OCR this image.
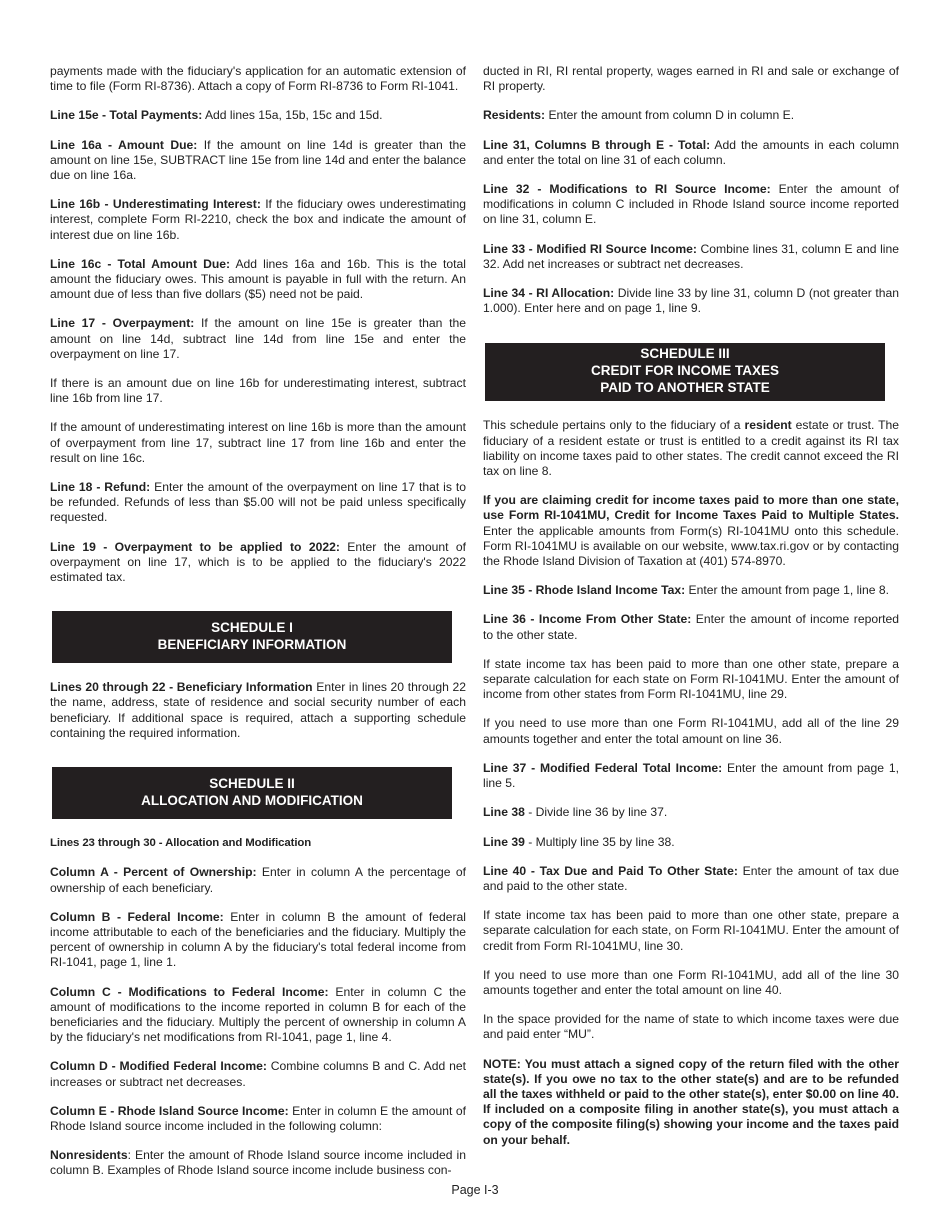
payments made with the fiduciary's application for an automatic extension of time to file (Form RI-8736). Attach a copy of Form RI-8736 to Form RI-1041.

Line 15e - Total Payments: Add lines 15a, 15b, 15c and 15d.

Line 16a - Amount Due: If the amount on line 14d is greater than the amount on line 15e, SUBTRACT line 15e from line 14d and enter the balance due on line 16a.

Line 16b - Underestimating Interest: If the fiduciary owes underestimating interest, complete Form RI-2210, check the box and indicate the amount of interest due on line 16b.

Line 16c - Total Amount Due: Add lines 16a and 16b. This is the total amount the fiduciary owes. This amount is payable in full with the return. An amount due of less than five dollars ($5) need not be paid.

Line 17 - Overpayment: If the amount on line 15e is greater than the amount on line 14d, subtract line 14d from line 15e and enter the overpayment on line 17.

If there is an amount due on line 16b for underestimating interest, subtract line 16b from line 17.

If the amount of underestimating interest on line 16b is more than the amount of overpayment from line 17, subtract line 17 from line 16b and enter the result on line 16c.

Line 18 - Refund: Enter the amount of the overpayment on line 17 that is to be refunded. Refunds of less than $5.00 will not be paid unless specifically requested.

Line 19 - Overpayment to be applied to 2022: Enter the amount of overpayment on line 17, which is to be applied to the fiduciary's 2022 estimated tax.

SCHEDULE I
BENEFICIARY INFORMATION

Lines 20 through 22 - Beneficiary Information Enter in lines 20 through 22 the name, address, state of residence and social security number of each beneficiary. If additional space is required, attach a supporting schedule containing the required information.

SCHEDULE II
ALLOCATION AND MODIFICATION

Lines 23 through 30 - Allocation and Modification

Column A - Percent of Ownership: Enter in column A the percentage of ownership of each beneficiary.

Column B - Federal Income: Enter in column B the amount of federal income attributable to each of the beneficiaries and the fiduciary. Multiply the percent of ownership in column A by the fiduciary's total federal income from RI-1041, page 1, line 1.

Column C - Modifications to Federal Income: Enter in column C the amount of modifications to the income reported in column B for each of the beneficiaries and the fiduciary. Multiply the percent of ownership in column A by the fiduciary's net modifications from RI-1041, page 1, line 4.

Column D - Modified Federal Income: Combine columns B and C. Add net increases or subtract net decreases.

Column E - Rhode Island Source Income: Enter in column E the amount of Rhode Island source income included in the following column:

Nonresidents: Enter the amount of Rhode Island source income included in column B. Examples of Rhode Island source income include business con-

ducted in RI, RI rental property, wages earned in RI and sale or exchange of RI property.

Residents: Enter the amount from column D in column E.

Line 31, Columns B through E - Total: Add the amounts in each column and enter the total on line 31 of each column.

Line 32 - Modifications to RI Source Income: Enter the amount of modifications in column C included in Rhode Island source income reported on line 31, column E.

Line 33 - Modified RI Source Income: Combine lines 31, column E and line 32. Add net increases or subtract net decreases.

Line 34 - RI Allocation: Divide line 33 by line 31, column D (not greater than 1.000). Enter here and on page 1, line 9.

SCHEDULE III
CREDIT FOR INCOME TAXES
PAID TO ANOTHER STATE

This schedule pertains only to the fiduciary of a resident estate or trust. The fiduciary of a resident estate or trust is entitled to a credit against its RI tax liability on income taxes paid to other states. The credit cannot exceed the RI tax on line 8.

If you are claiming credit for income taxes paid to more than one state, use Form RI-1041MU, Credit for Income Taxes Paid to Multiple States. Enter the applicable amounts from Form(s) RI-1041MU onto this schedule. Form RI-1041MU is available on our website, www.tax.ri.gov or by contacting the Rhode Island Division of Taxation at (401) 574-8970.

Line 35 - Rhode Island Income Tax: Enter the amount from page 1, line 8.

Line 36 - Income From Other State: Enter the amount of income reported to the other state.

If state income tax has been paid to more than one other state, prepare a separate calculation for each state on Form RI-1041MU. Enter the amount of income from other states from Form RI-1041MU, line 29.

If you need to use more than one Form RI-1041MU, add all of the line 29 amounts together and enter the total amount on line 36.

Line 37 - Modified Federal Total Income: Enter the amount from page 1, line 5.

Line 38 - Divide line 36 by line 37.

Line 39 - Multiply line 35 by line 38.

Line 40 - Tax Due and Paid To Other State: Enter the amount of tax due and paid to the other state.

If state income tax has been paid to more than one other state, prepare a separate calculation for each state, on Form RI-1041MU. Enter the amount of credit from Form RI-1041MU, line 30.

If you need to use more than one Form RI-1041MU, add all of the line 30 amounts together and enter the total amount on line 40.

In the space provided for the name of state to which income taxes were due and paid enter “MU”.

NOTE: You must attach a signed copy of the return filed with the other state(s). If you owe no tax to the other state(s) and are to be refunded all the taxes withheld or paid to the other state(s), enter $0.00 on line 40. If included on a composite filing in another state(s), you must attach a copy of the composite filing(s) showing your income and the taxes paid on your behalf.

Page I-3
